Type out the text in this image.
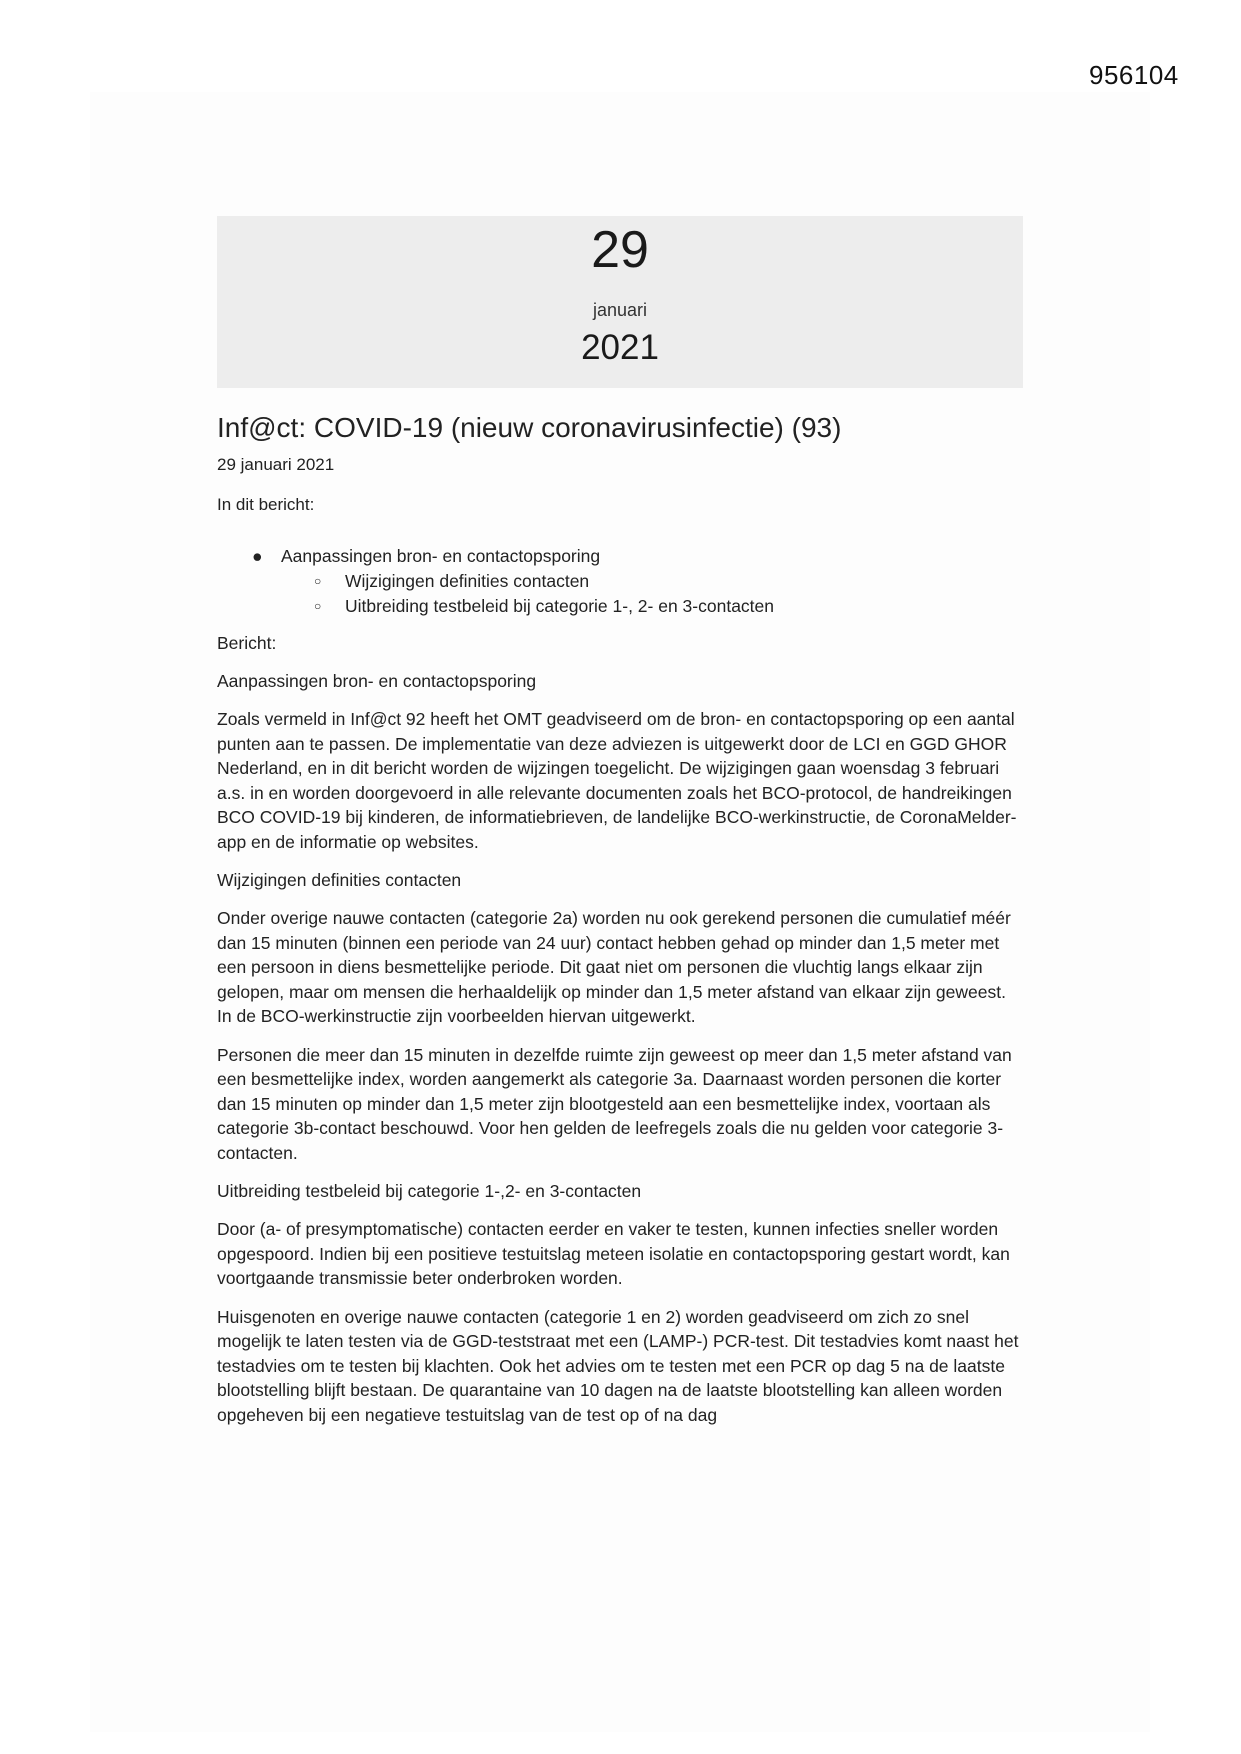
956104
29
januari
2021
Inf@ct: COVID-19 (nieuw coronavirusinfectie) (93)
29 januari 2021
In dit bericht:
● Aanpassingen bron- en contactopsporing
○ Wijzigingen definities contacten
○ Uitbreiding testbeleid bij categorie 1-, 2- en 3-contacten
Bericht:
Aanpassingen bron- en contactopsporing
Zoals vermeld in Inf@ct 92 heeft het OMT geadviseerd om de bron- en contactopsporing op een aantal punten aan te passen. De implementatie van deze adviezen is uitgewerkt door de LCI en GGD GHOR Nederland, en in dit bericht worden de wijzingen toegelicht. De wijzigingen gaan woensdag 3 februari a.s. in en worden doorgevoerd in alle relevante documenten zoals het BCO-protocol, de handreikingen BCO COVID-19 bij kinderen, de informatiebrieven, de landelijke BCO-werkinstructie, de CoronaMelder-app en de informatie op websites.
Wijzigingen definities contacten
Onder overige nauwe contacten (categorie 2a) worden nu ook gerekend personen die cumulatief méér dan 15 minuten (binnen een periode van 24 uur) contact hebben gehad op minder dan 1,5 meter met een persoon in diens besmettelijke periode. Dit gaat niet om personen die vluchtig langs elkaar zijn gelopen, maar om mensen die herhaaldelijk op minder dan 1,5 meter afstand van elkaar zijn geweest. In de BCO-werkinstructie zijn voorbeelden hiervan uitgewerkt.
Personen die meer dan 15 minuten in dezelfde ruimte zijn geweest op meer dan 1,5 meter afstand van een besmettelijke index, worden aangemerkt als categorie 3a. Daarnaast worden personen die korter dan 15 minuten op minder dan 1,5 meter zijn blootgesteld aan een besmettelijke index, voortaan als categorie 3b-contact beschouwd. Voor hen gelden de leefregels zoals die nu gelden voor categorie 3-contacten.
Uitbreiding testbeleid bij categorie 1-,2- en 3-contacten
Door (a- of presymptomatische) contacten eerder en vaker te testen, kunnen infecties sneller worden opgespoord. Indien bij een positieve testuitslag meteen isolatie en contactopsporing gestart wordt, kan voortgaande transmissie beter onderbroken worden.
Huisgenoten en overige nauwe contacten (categorie 1 en 2) worden geadviseerd om zich zo snel mogelijk te laten testen via de GGD-teststraat met een (LAMP-) PCR-test. Dit testadvies komt naast het testadvies om te testen bij klachten. Ook het advies om te testen met een PCR op dag 5 na de laatste blootstelling blijft bestaan. De quarantaine van 10 dagen na de laatste blootstelling kan alleen worden opgeheven bij een negatieve testuitslag van de test op of na dag
